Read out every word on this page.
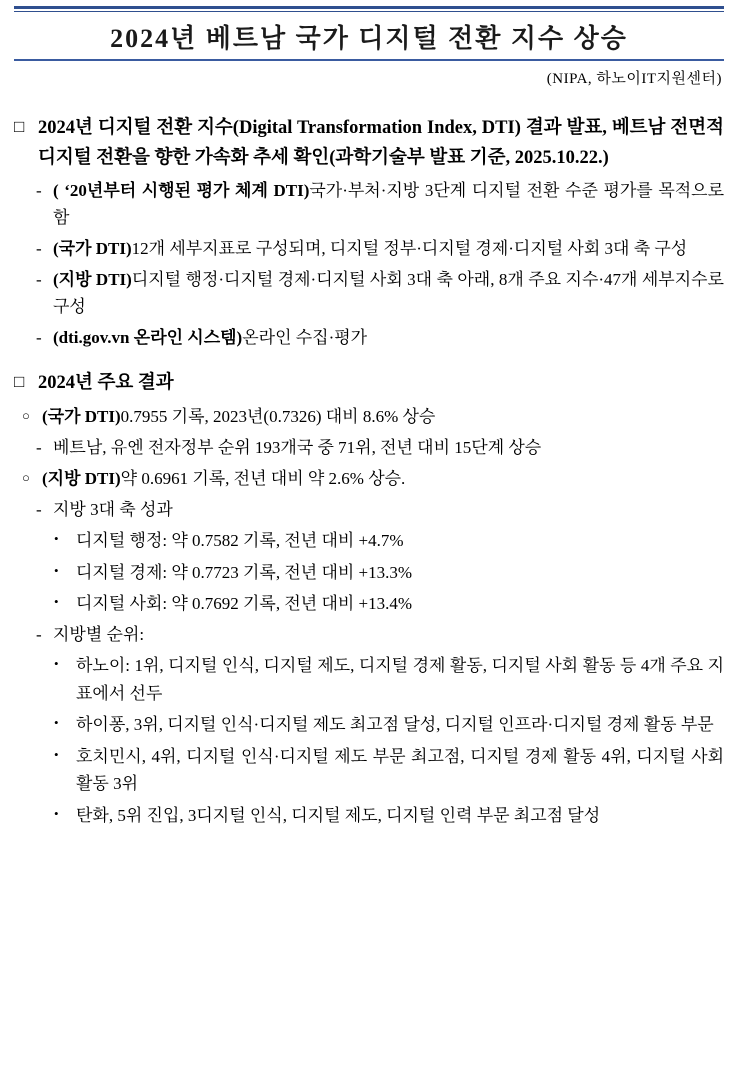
2024년 베트남 국가 디지털 전환 지수 상승
(NIPA, 하노이IT지원센터)
□ 2024년 디지털 전환 지수(Digital Transformation Index, DTI) 결과 발표, 베트남 전면적 디지털 전환을 향한 가속화 추세 확인(과학기술부 발표 기준, 2025.10.22.)
- ( ‘20년부터 시행된 평가 체계 DTI)국가·부처·지방 3단계 디지털 전환 수준 평가를 목적으로 함
- (국가 DTI)12개 세부지표로 구성되며, 디지털 정부·디지털 경제·디지털 사회 3대 축 구성
- (지방 DTI)디지털 행정·디지털 경제·디지털 사회 3대 축 아래, 8개 주요 지수·47개 세부지수로 구성
- (dti.gov.vn 온라인 시스템)온라인 수집·평가
□ 2024년 주요 결과
○ (국가 DTI)0.7955 기록, 2023년(0.7326) 대비 8.6% 상승
- 베트남, 유엔 전자정부 순위 193개국 중 71위, 전년 대비 15단계 상승
○ (지방 DTI)약 0.6961 기록, 전년 대비 약 2.6% 상승.
- 지방 3대 축 성과
•	디지털 행정: 약 0.7582 기록, 전년 대비 +4.7%
•	디지털 경제: 약 0.7723 기록, 전년 대비 +13.3%
•	디지털 사회: 약 0.7692 기록, 전년 대비 +13.4%
- 지방별 순위:
•	하노이: 1위, 디지털 인식, 디지털 제도, 디지털 경제 활동, 디지털 사회 활동 등 4개 주요 지표에서 선두
•	하이퐁, 3위, 디지털 인식·디지털 제도 최고점 달성, 디지털 인프라·디지털 경제 활동 부문
•	호치민시, 4위, 디지털 인식·디지털 제도 부문 최고점, 디지털 경제 활동 4위, 디지털 사회 활동 3위
•	탄화, 5위 진입, 3디지털 인식, 디지털 제도, 디지털 인력 부문 최고점 달성
